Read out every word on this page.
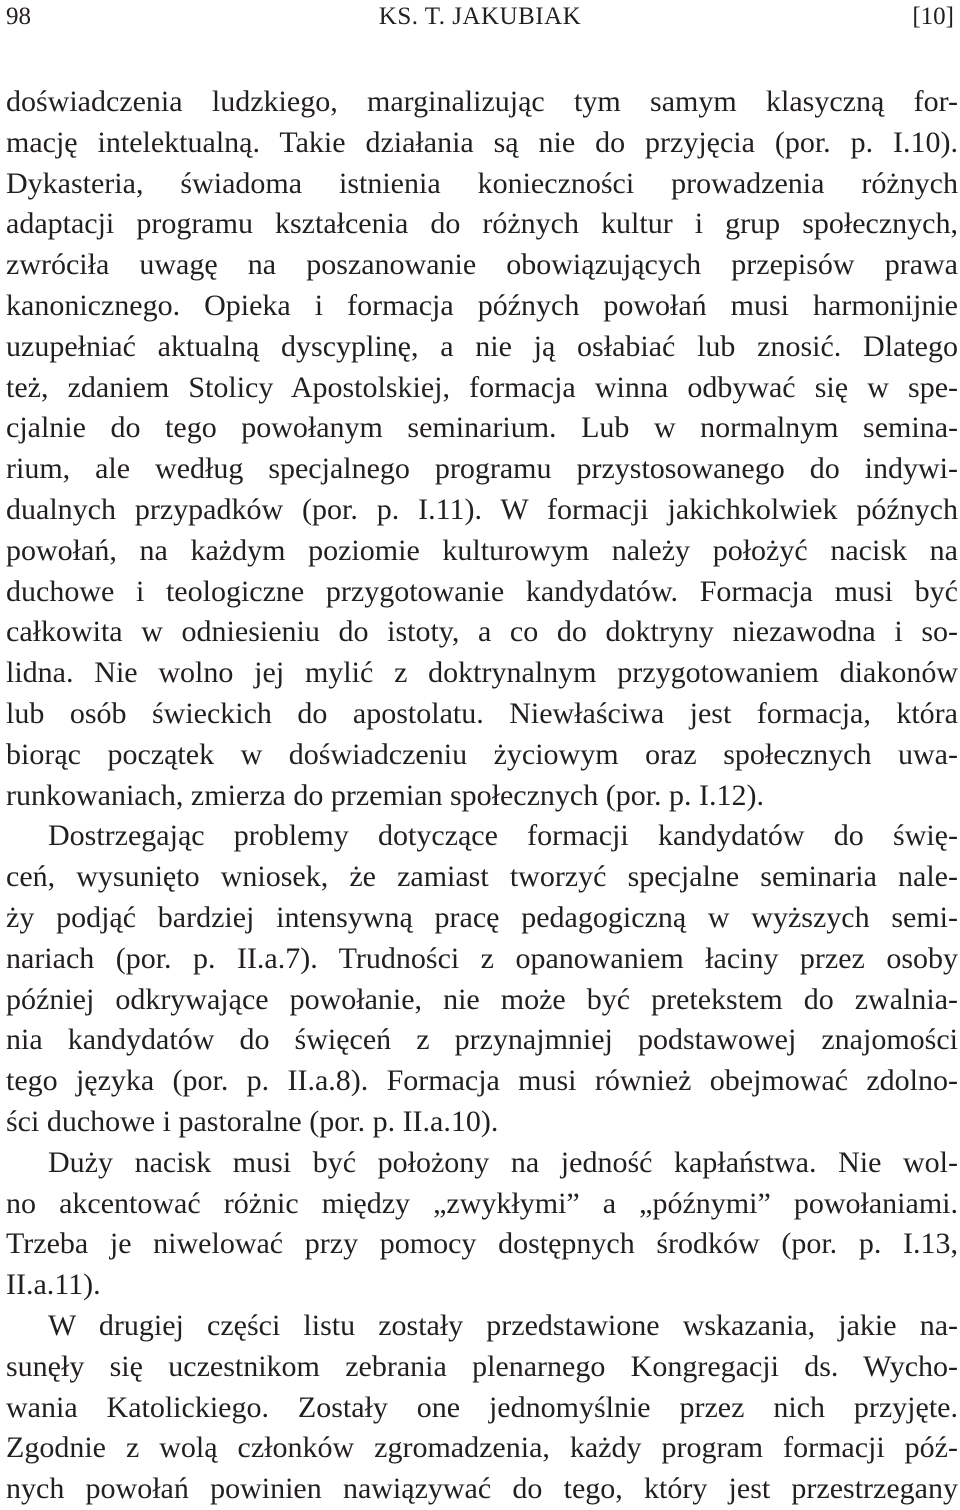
98	KS. T. JAKUBIAK	[10]
doświadczenia ludzkiego, marginalizując tym samym klasyczną for-
mację intelektualną. Takie działania są nie do przyjęcia (por. p. I.10).
Dykasteria, świadoma istnienia konieczności prowadzenia różnych
adaptacji programu kształcenia do różnych kultur i grup społecznych,
zwróciła uwagę na poszanowanie obowiązujących przepisów prawa
kanonicznego. Opieka i formacja późnych powołań musi harmonijnie
uzupełniać aktualną dyscyplinę, a nie ją osłabiać lub znosić. Dlatego
też, zdaniem Stolicy Apostolskiej, formacja winna odbywać się w spe-
cjalnie do tego powołanym seminarium. Lub w normalnym semina-
rium, ale według specjalnego programu przystosowanego do indywi-
dualnych przypadków (por. p. I.11). W formacji jakichkolwiek późnych
powołań, na każdym poziomie kulturowym należy położyć nacisk na
duchowe i teologiczne przygotowanie kandydatów. Formacja musi być
całkowita w odniesieniu do istoty, a co do doktryny niezawodna i so-
lidna. Nie wolno jej mylić z doktrynalnym przygotowaniem diakonów
lub osób świeckich do apostolatu. Niewłaściwa jest formacja, która
biorąc początek w doświadczeniu życiowym oraz społecznych uwa-
runkowaniach, zmierza do przemian społecznych (por. p. I.12).
Dostrzegając problemy dotyczące formacji kandydatów do świę-
ceń, wysunięto wniosek, że zamiast tworzyć specjalne seminaria nale-
ży podjąć bardziej intensywną pracę pedagogiczną w wyższych semi-
nariach (por. p. II.a.7). Trudności z opanowaniem łaciny przez osoby
później odkrywające powołanie, nie może być pretekstem do zwalnia-
nia kandydatów do święceń z przynajmniej podstawowej znajomości
tego języka (por. p. II.a.8). Formacja musi również obejmować zdolno-
ści duchowe i pastoralne (por. p. II.a.10).
Duży nacisk musi być położony na jedność kapłaństwa. Nie wol-
no akcentować różnic między „zwykłymi” a „późnymi” powołaniami.
Trzeba je niwelować przy pomocy dostępnych środków (por. p. I.13,
II.a.11).
W drugiej części listu zostały przedstawione wskazania, jakie na-
sunęły się uczestnikom zebrania plenarnego Kongregacji ds. Wycho-
wania Katolickiego. Zostały one jednomyślnie przez nich przyjęte.
Zgodnie z wolą członków zgromadzenia, każdy program formacji póź-
nych powołań powinien nawiązywać do tego, który jest przestrzegany
